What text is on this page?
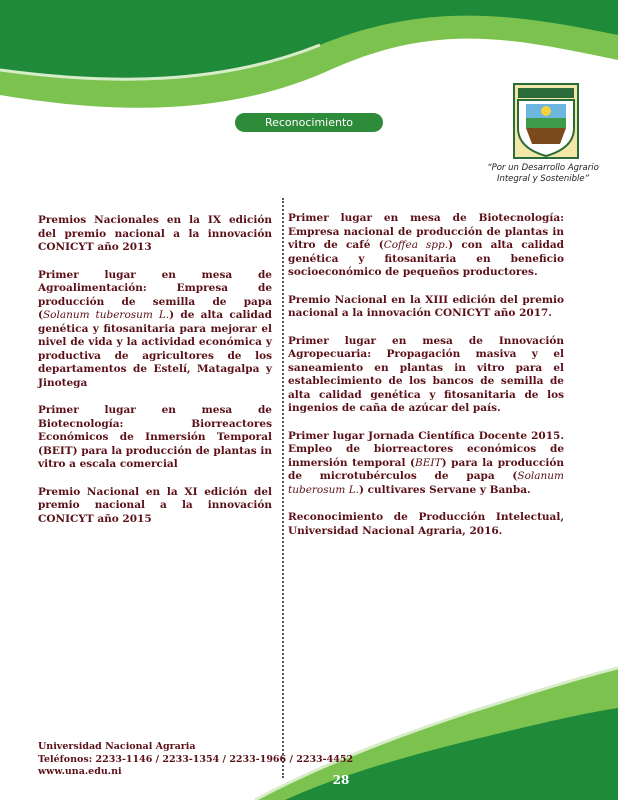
Reconocimiento
“Por un Desarrollo Agrario
Integral y Sostenible”

Premios Nacionales en la IX edición del premio nacional a la innovación CONICYT año 2013

Primer lugar en mesa de Agroalimentación: Empresa de producción de semilla de papa (Solanum tuberosum L.) de alta calidad genética y fitosanitaria para mejorar el nivel de vida y la actividad económica y productiva de agricultores de los departamentos de Estelí, Matagalpa y Jinotega

Primer lugar en mesa de Biotecnología: Biorreactores Económicos de Inmersión Temporal (BEIT) para la producción de plantas in vitro a escala comercial

Premio Nacional en la XI edición del premio nacional a la innovación CONICYT año 2015

Primer lugar en mesa de Biotecnología: Empresa nacional de producción de plantas in vitro de café (Coffea spp.) con alta calidad genética y fitosanitaria en beneficio socioeconómico de pequeños productores.

Premio Nacional en la XIII edición del premio nacional a la innovación CONICYT año 2017.

Primer lugar en mesa de Innovación Agropecuaria: Propagación masiva y el saneamiento en plantas in vitro para el establecimiento de los bancos de semilla de alta calidad genética y fitosanitaria de los ingenios de caña de azúcar del país.

Primer lugar Jornada Científica Docente 2015. Empleo de biorreactores económicos de inmersión temporal (BEIT) para la producción de microtubérculos de papa (Solanum tuberosum L.) cultivares Servane y Banba.

Reconocimiento de Producción Intelectual, Universidad Nacional Agraria, 2016.

Universidad Nacional Agraria
Teléfonos: 2233-1146 / 2233-1354 / 2233-1966 / 2233-4452
www.una.edu.ni
28
